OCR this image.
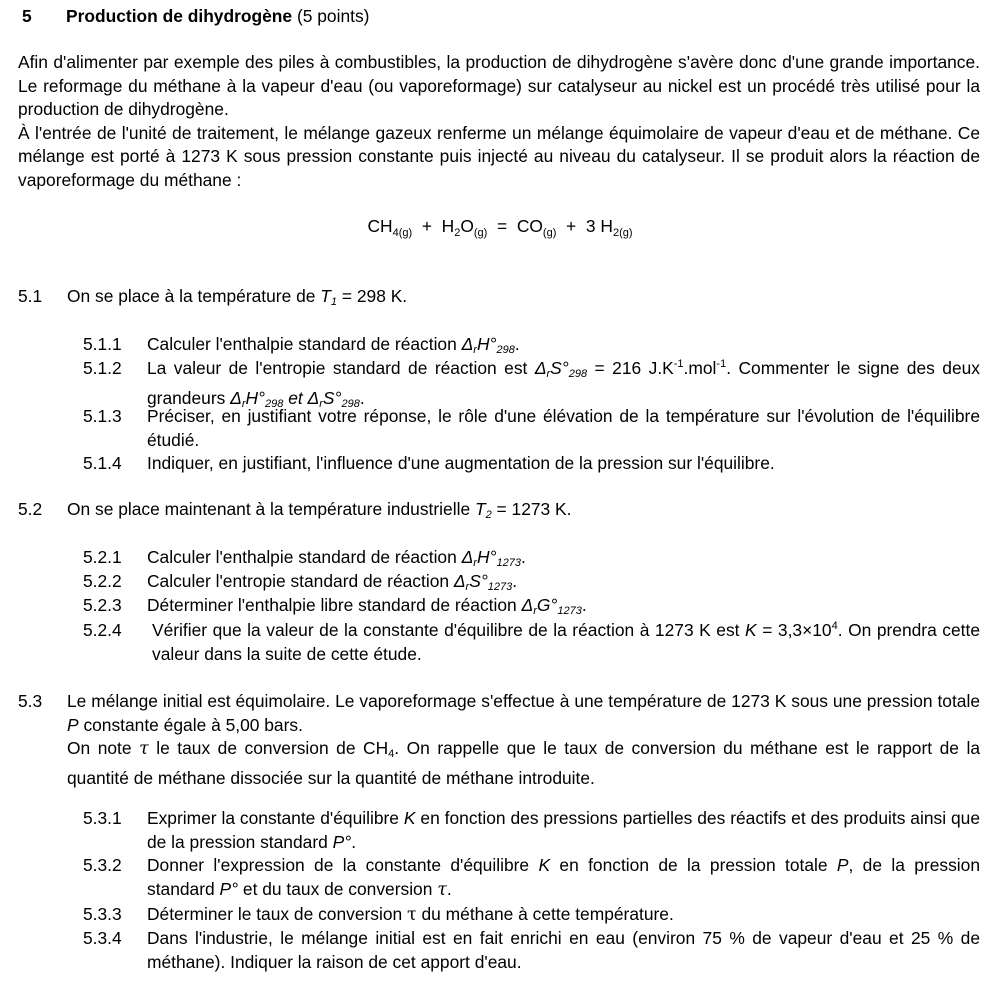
5 Production de dihydrogène (5 points)

Afin d'alimenter par exemple des piles à combustibles, la production de dihydrogène s'avère donc d'une grande importance. Le reformage du méthane à la vapeur d'eau (ou vaporeformage) sur catalyseur au nickel est un procédé très utilisé pour la production de dihydrogène.

À l'entrée de l'unité de traitement, le mélange gazeux renferme un mélange équimolaire de vapeur d'eau et de méthane. Ce mélange est porté à 1273 K sous pression constante puis injecté au niveau du catalyseur. Il se produit alors la réaction de vaporeformage du méthane :

$CH_{4(g)} + H_2O_{(g)} = CO_{(g)} + 3$ $H_{2(g)}$
5.1 On se place à la température de $T_1 = 298$ K.
5.1.1 Calculer l'enthalpie standard de réaction $\Delta_rH^\circ_{298}$.
5.1.2 La valeur de l'entropie standard de réaction est $\Delta_rS^\circ_{298} = 216$ $J.K^{-1}.mol^{-1}$. Commenter le signe des deux grandeurs $\Delta_rH^\circ_{298}$ et $\Delta_rS^\circ_{298}$.
5.1.3 Préciser, en justifiant votre réponse, le rôle d'une élévation de la température sur l'évolution de l'équilibre étudié.
5.1.4 Indiquer, en justifiant, l'influence d'une augmentation de la pression sur l'équilibre.
5.2 On se place maintenant à la température industrielle $T_2 = 1273$ K.
5.2.1 Calculer l'enthalpie standard de réaction $\Delta_rH^\circ_{1273}$.
5.2.2 Calculer l'entropie standard de réaction $\Delta_rS^\circ_{1273}$.
5.2.3 Déterminer l'enthalpie libre standard de réaction $\Delta_rG^\circ_{1273}$.
5.2.4 Vérifier que la valeur de la constante d'équilibre de la réaction à 1273 K est $K = 3,3\times 10^4$. On prendra cette valeur dans la suite de cette étude.
5.3 Le mélange initial est équimolaire. Le vaporeformage s'effectue à une température de 1273 K sous une pression totale P constante égale à 5,00 bars.
On note τ le taux de conversion de $CH_4$. On rappelle que le taux de conversion du méthane est le rapport de la quantité de méthane dissociée sur la quantité de méthane introduite.
5.3.1 Exprimer la constante d'équilibre K en fonction des pressions partielles des réactifs et des produits ainsi que de la pression standard P°.
5.3.2 Donner l'expression de la constante d'équilibre K en fonction de la pression totale P, de la pression standard P° et du taux de conversion τ.
5.3.3 Déterminer le taux de conversion τ du méthane à cette température.
5.3.4 Dans l'industrie, le mélange initial est en fait enrichi en eau (environ 75 % de vapeur d'eau et 25 % de méthane). Indiquer la raison de cet apport d'eau.
